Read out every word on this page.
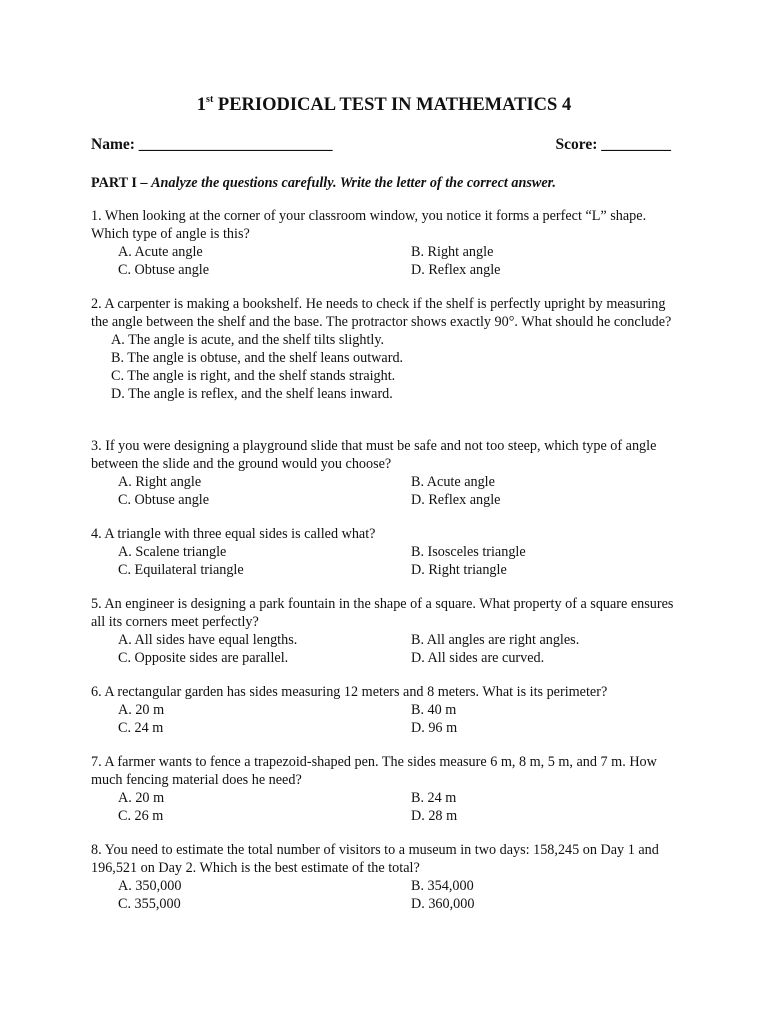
1st PERIODICAL TEST IN MATHEMATICS 4
Name: _________________________	Score: _________
PART I – Analyze the questions carefully. Write the letter of the correct answer.

1. When looking at the corner of your classroom window, you notice it forms a perfect “L” shape. Which type of angle is this?

A. Acute angle	B. Right angle
C. Obtuse angle	D. Reflex angle

2. A carpenter is making a bookshelf. He needs to check if the shelf is perfectly upright by measuring the angle between the shelf and the base. The protractor shows exactly 90°. What should he conclude?

A. The angle is acute, and the shelf tilts slightly.
B. The angle is obtuse, and the shelf leans outward.
C. The angle is right, and the shelf stands straight.
D. The angle is reflex, and the shelf leans inward.

3. If you were designing a playground slide that must be safe and not too steep, which type of angle between the slide and the ground would you choose?

A. Right angle	B. Acute angle
C. Obtuse angle	D. Reflex angle

4. A triangle with three equal sides is called what?

A. Scalene triangle	B. Isosceles triangle
C. Equilateral triangle	D. Right triangle

5. An engineer is designing a park fountain in the shape of a square. What property of a square ensures all its corners meet perfectly?

A. All sides have equal lengths.	B. All angles are right angles.
C. Opposite sides are parallel.	D. All sides are curved.

6. A rectangular garden has sides measuring 12 meters and 8 meters. What is its perimeter?

A. 20 m	B. 40 m
C. 24 m	D. 96 m

7. A farmer wants to fence a trapezoid-shaped pen. The sides measure 6 m, 8 m, 5 m, and 7 m. How much fencing material does he need?

A. 20 m	B. 24 m
C. 26 m	D. 28 m

8. You need to estimate the total number of visitors to a museum in two days: 158,245 on Day 1 and 196,521 on Day 2. Which is the best estimate of the total?

A. 350,000	B. 354,000
C. 355,000	D. 360,000
